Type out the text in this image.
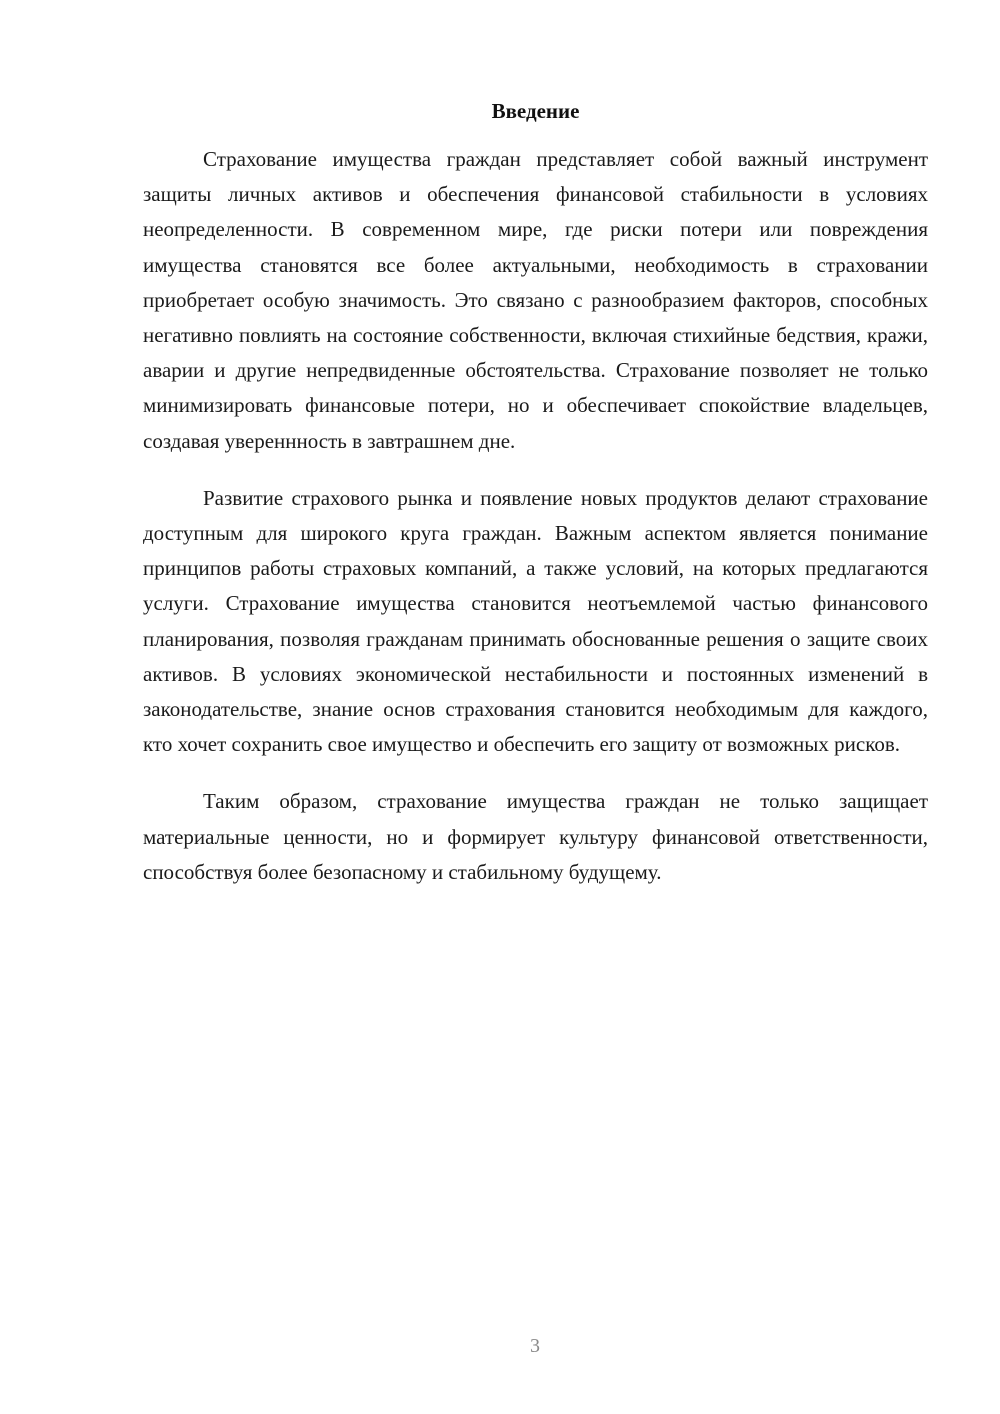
Введение

Страхование имущества граждан представляет собой важный инструмент защиты личных активов и обеспечения финансовой стабильности в условиях неопределенности. В современном мире, где риски потери или повреждения имущества становятся все более актуальными, необходимость в страховании приобретает особую значимость. Это связано с разнообразием факторов, способных негативно повлиять на состояние собственности, включая стихийные бедствия, кражи, аварии и другие непредвиденные обстоятельства. Страхование позволяет не только минимизировать финансовые потери, но и обеспечивает спокойствие владельцев, создавая увереннность в завтрашнем дне.

Развитие страхового рынка и появление новых продуктов делают страхование доступным для широкого круга граждан. Важным аспектом является понимание принципов работы страховых компаний, а также условий, на которых предлагаются услуги. Страхование имущества становится неотъемлемой частью финансового планирования, позволяя гражданам принимать обоснованные решения о защите своих активов. В условиях экономической нестабильности и постоянных изменений в законодательстве, знание основ страхования становится необходимым для каждого, кто хочет сохранить свое имущество и обеспечить его защиту от возможных рисков.

Таким образом, страхование имущества граждан не только защищает материальные ценности, но и формирует культуру финансовой ответственности, способствуя более безопасному и стабильному будущему.

3
